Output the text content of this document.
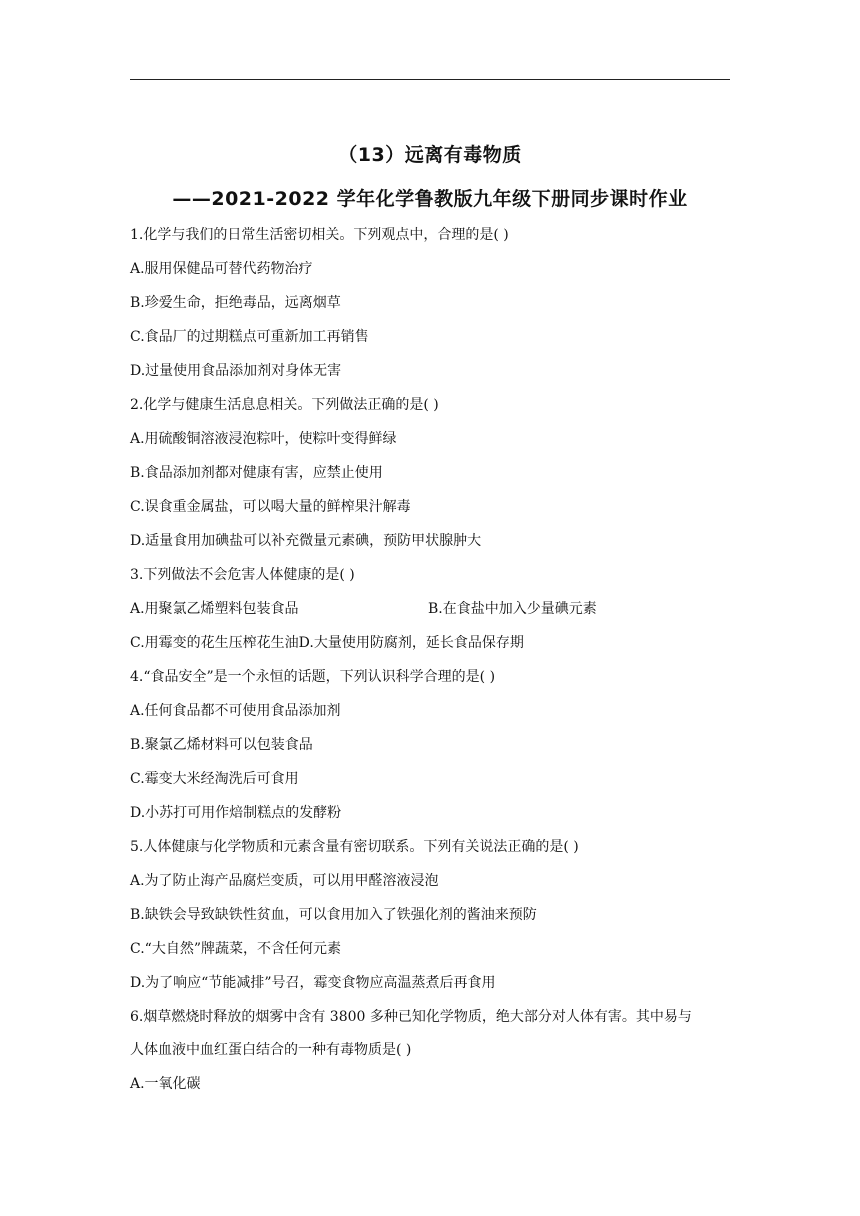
（13）远离有毒物质
——2021-2022 学年化学鲁教版九年级下册同步课时作业
1.化学与我们的日常生活密切相关。下列观点中，合理的是( )
A.服用保健品可替代药物治疗
B.珍爱生命，拒绝毒品，远离烟草
C.食品厂的过期糕点可重新加工再销售
D.过量使用食品添加剂对身体无害
2.化学与健康生活息息相关。下列做法正确的是( )
A.用硫酸铜溶液浸泡粽叶，使粽叶变得鲜绿
B.食品添加剂都对健康有害，应禁止使用
C.误食重金属盐，可以喝大量的鲜榨果汁解毒
D.适量食用加碘盐可以补充微量元素碘，预防甲状腺肿大
3.下列做法不会危害人体健康的是( )
A.用聚氯乙烯塑料包装食品	B.在食盐中加入少量碘元素
C.用霉变的花生压榨花生油D.大量使用防腐剂，延长食品保存期
4.“食品安全”是一个永恒的话题，下列认识科学合理的是( )
A.任何食品都不可使用食品添加剂
B.聚氯乙烯材料可以包装食品
C.霉变大米经淘洗后可食用
D.小苏打可用作焙制糕点的发酵粉
5.人体健康与化学物质和元素含量有密切联系。下列有关说法正确的是( )
A.为了防止海产品腐烂变质，可以用甲醛溶液浸泡
B.缺铁会导致缺铁性贫血，可以食用加入了铁强化剂的酱油来预防
C.“大自然”牌蔬菜，不含任何元素
D.为了响应“节能减排”号召，霉变食物应高温蒸煮后再食用
6.烟草燃烧时释放的烟雾中含有 3800 多种已知化学物质，绝大部分对人体有害。其中易与
人体血液中血红蛋白结合的一种有毒物质是( )
A.一氧化碳
